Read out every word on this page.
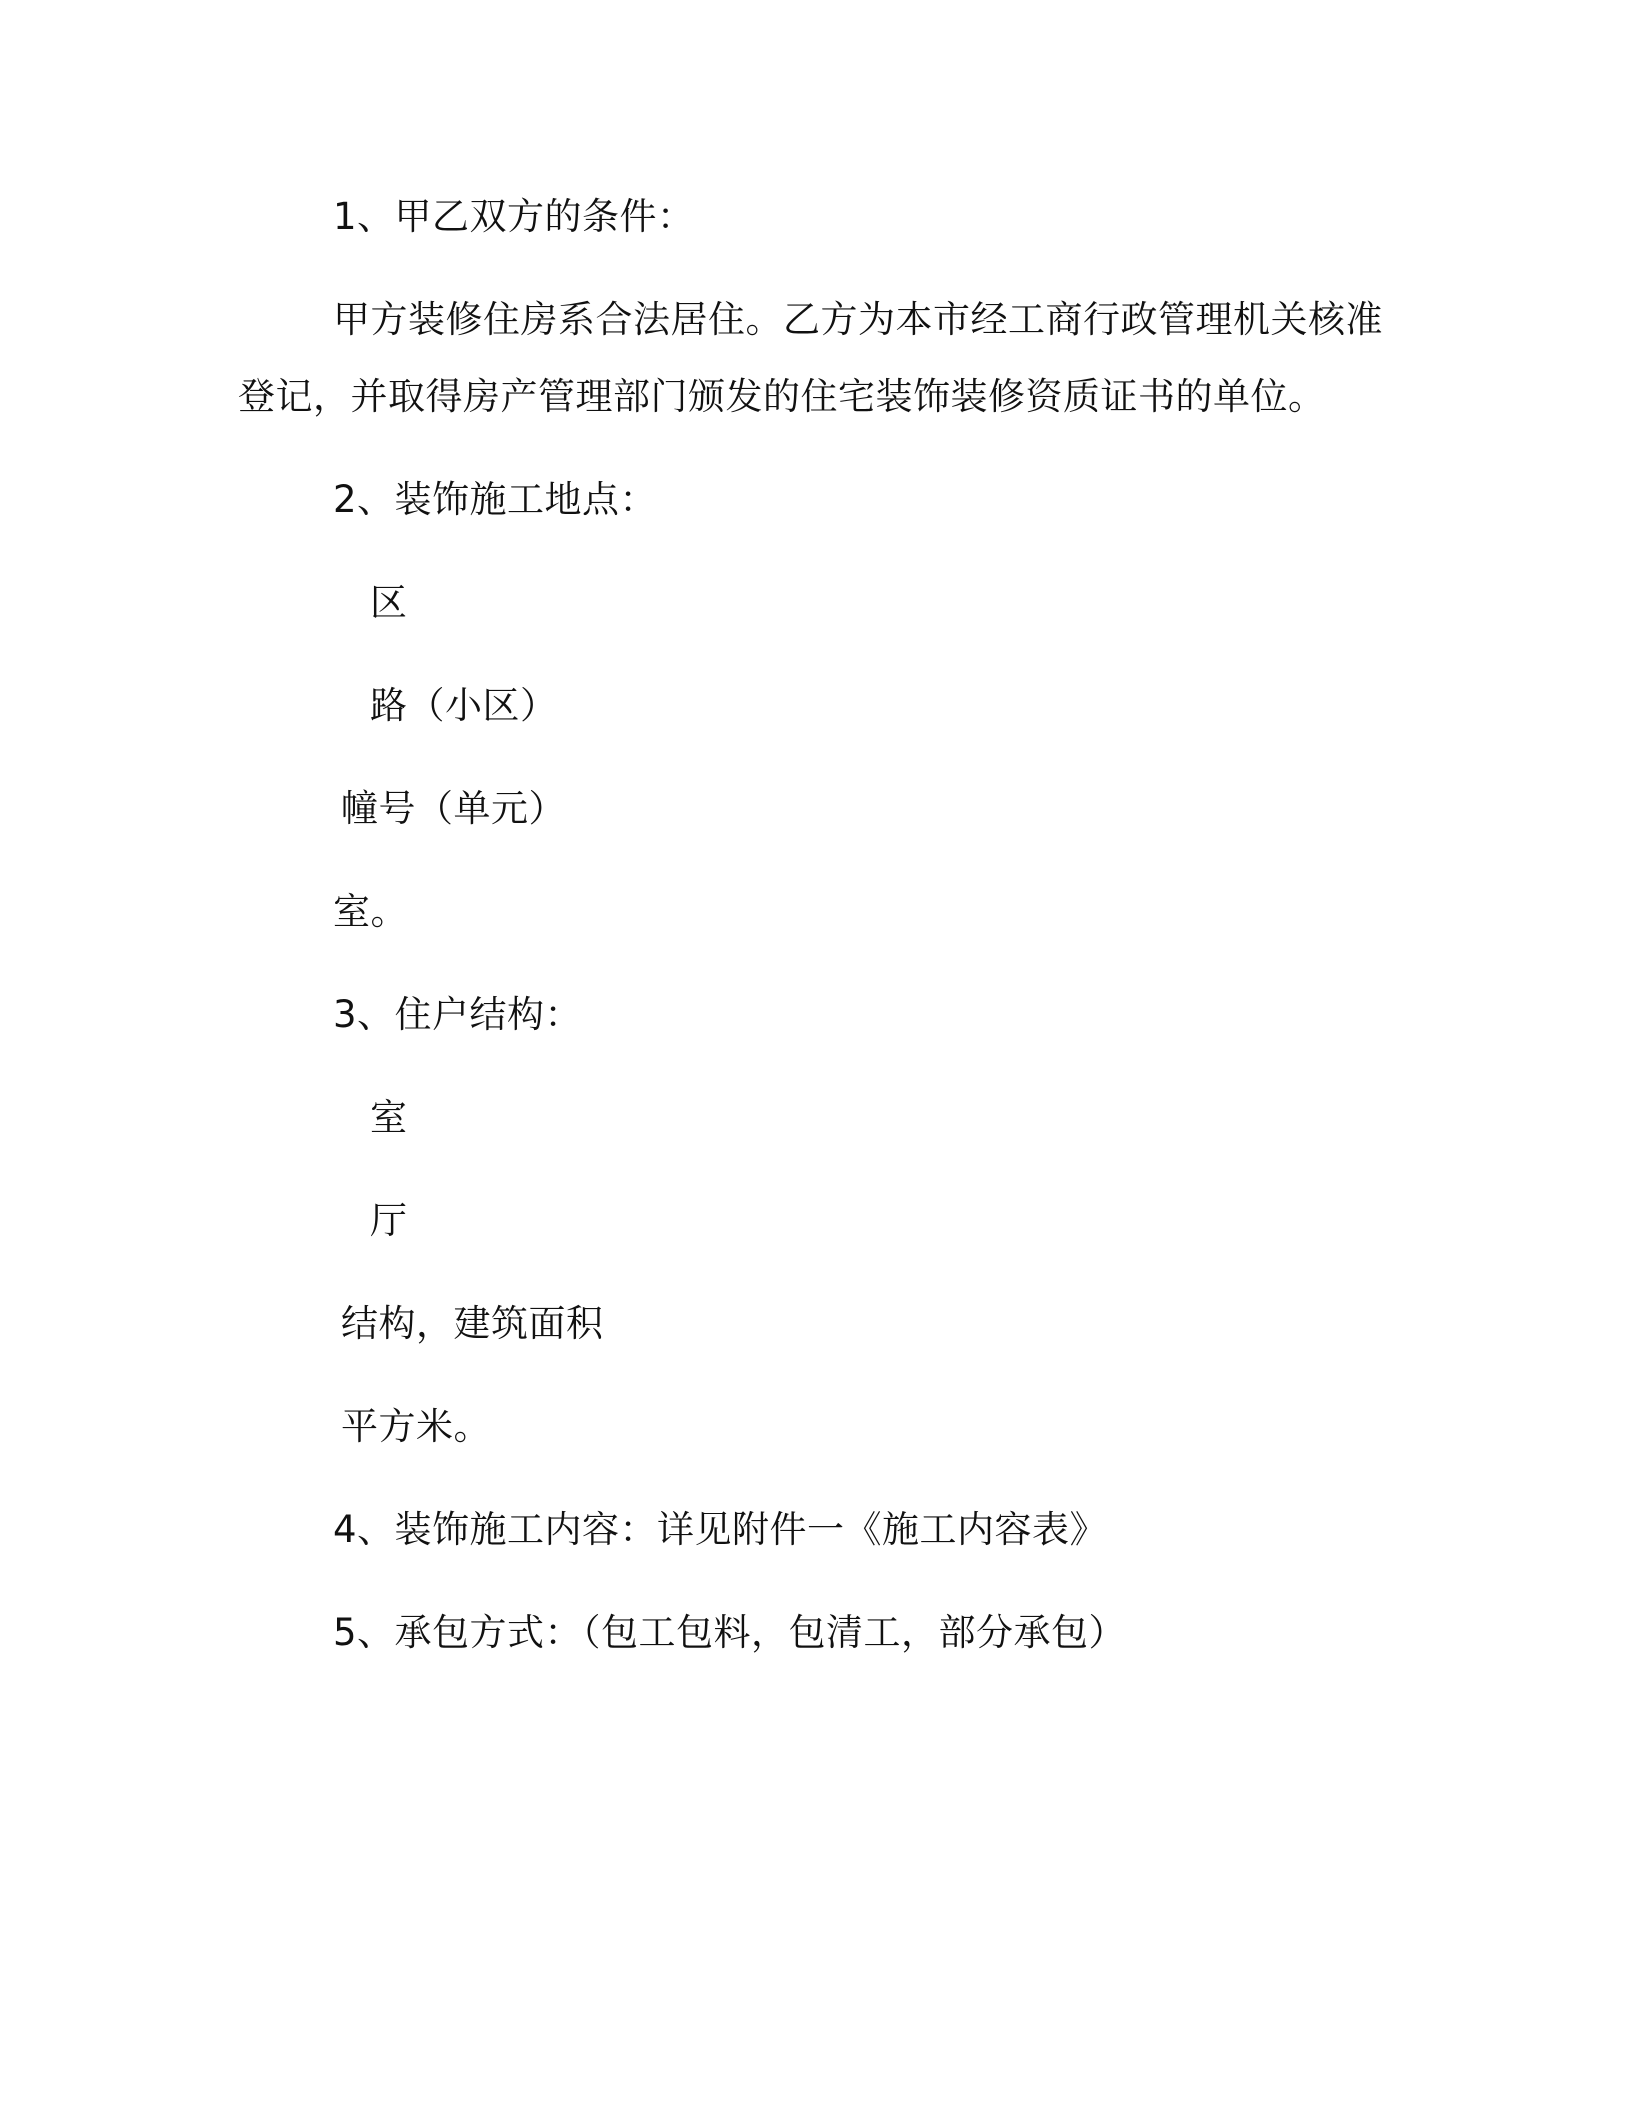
1、甲乙双方的条件：
甲方装修住房系合法居住。乙方为本市经工商行政管理机关核准
登记，并取得房产管理部门颁发的住宅装饰装修资质证书的单位。
2、装饰施工地点：
区
路（小区）
幢号（单元）
室。
3、住户结构：
室
厅
结构，建筑面积
平方米。
4、装饰施工内容：详见附件一《施工内容表》
5、承包方式：（包工包料，包清工，部分承包）
